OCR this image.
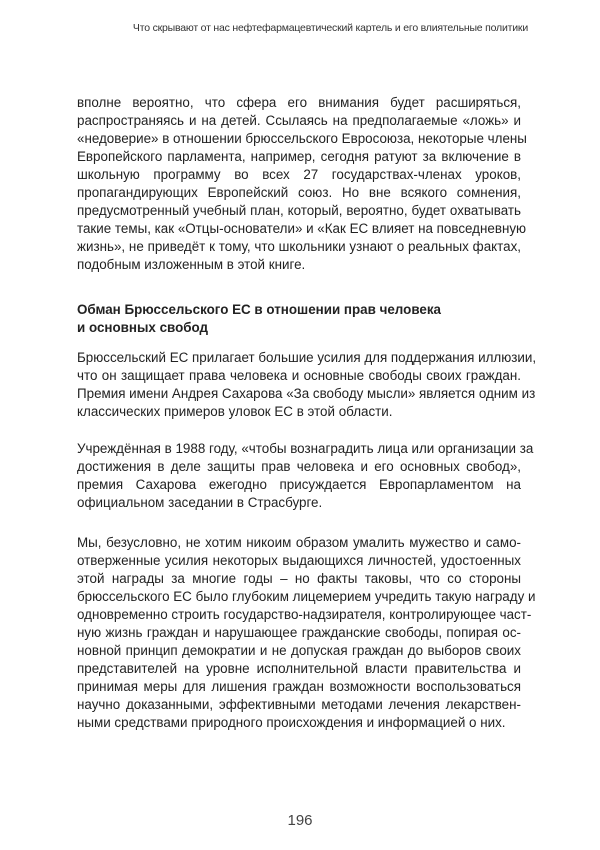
Что скрывают от нас нефтефармацевтический картель и его влиятельные политики
вполне вероятно, что сфера его внимания будет расширяться,
распространяясь и на детей. Ссылаясь на предполагаемые «ложь» и
«недоверие» в отношении брюссельского Евросоюза, некоторые члены
Европейского парламента, например, сегодня ратуют за включение в
школьную программу во всех 27 государствах-членах уроков,
пропагандирующих Европейский союз. Но вне всякого сомнения,
предусмотренный учебный план, который, вероятно, будет охватывать
такие темы, как «Отцы-основатели» и «Как ЕС влияет на повседневную
жизнь», не приведёт к тому, что школьники узнают о реальных фактах,
подобным изложенным в этой книге.
Обман Брюссельского ЕС в отношении прав человека
и основных свобод
Брюссельский ЕС прилагает большие усилия для поддержания иллюзии,
что он защищает права человека и основные свободы своих граждан.
Премия имени Андрея Сахарова «За свободу мысли» является одним из
классических примеров уловок ЕС в этой области.
Учреждённая в 1988 году, «чтобы вознаградить лица или организации за
достижения в деле защиты прав человека и его основных свобод»,
премия Сахарова ежегодно присуждается Европарламентом на
официальном заседании в Страсбурге.
Мы, безусловно, не хотим никоим образом умалить мужество и само-
отверженные усилия некоторых выдающихся личностей, удостоенных
этой награды за многие годы – но факты таковы, что со стороны
брюссельского ЕС было глубоким лицемерием учредить такую награду и
одновременно строить государство-надзирателя, контролирующее част-
ную жизнь граждан и нарушающее гражданские свободы, попирая ос-
новной принцип демократии и не допуская граждан до выборов своих
представителей на уровне исполнительной власти правительства и
принимая меры для лишения граждан возможности воспользоваться
научно доказанными, эффективными методами лечения лекарствен-
ными средствами природного происхождения и информацией о них.
196
